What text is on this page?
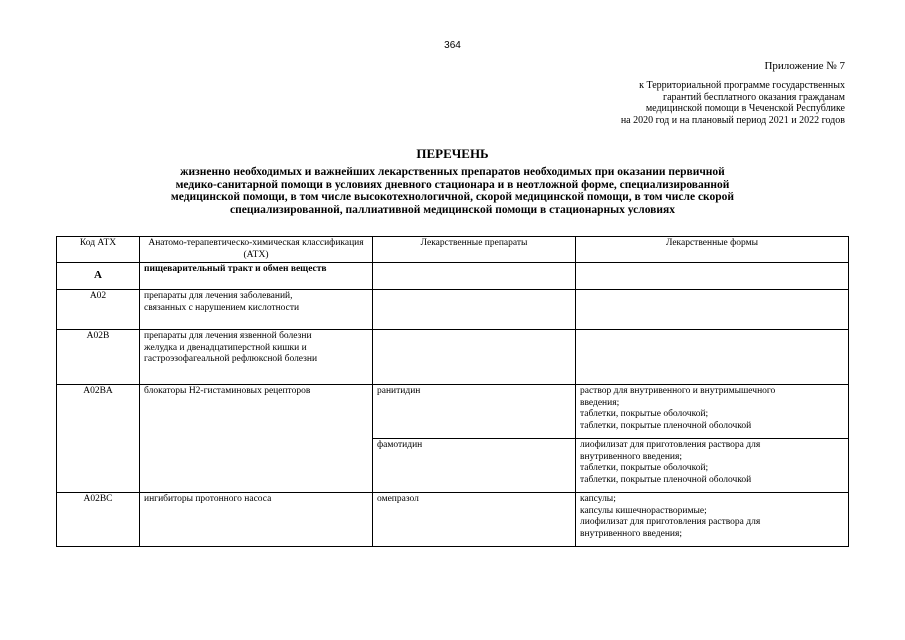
364
Приложение № 7
к Территориальной программе государственных
гарантий бесплатного оказания гражданам
медицинской помощи в Чеченской Республике
на 2020 год и на плановый период 2021 и 2022 годов
ПЕРЕЧЕНЬ
жизненно необходимых и важнейших лекарственных препаратов необходимых при оказании первичной
медико-санитарной помощи в условиях дневного стационара и в неотложной форме, специализированной
медицинской помощи, в том числе высокотехнологичной, скорой медицинской помощи, в том числе скорой
специализированной, паллиативной медицинской помощи в стационарных условиях
Код АТХ	Анатомо-терапевтическо-химическая классификация (АТХ)	Лекарственные препараты	Лекарственные формы
А	пищеварительный тракт и обмен веществ		
A02	препараты для лечения заболеваний,
связанных с нарушением кислотности		

A02B	препараты для лечения язвенной болезни
желудка и двенадцатиперстной кишки и
гастроэзофагеальной рефлюксной болезни		

A02BA	блокаторы H2-гистаминовых рецепторов	ранитидин	раствор для внутривенного и внутримышечного
введения;
таблетки, покрытые оболочкой;
таблетки, покрытые пленочной оболочкой

		фамотидин	лиофилизат для приготовления раствора для
внутривенного введения;
таблетки, покрытые оболочкой;
таблетки, покрытые пленочной оболочкой

A02BC	ингибиторы протонного насоса	омепразол	капсулы;
капсулы кишечнорастворимые;
лиофилизат для приготовления раствора для
внутривенного введения;
